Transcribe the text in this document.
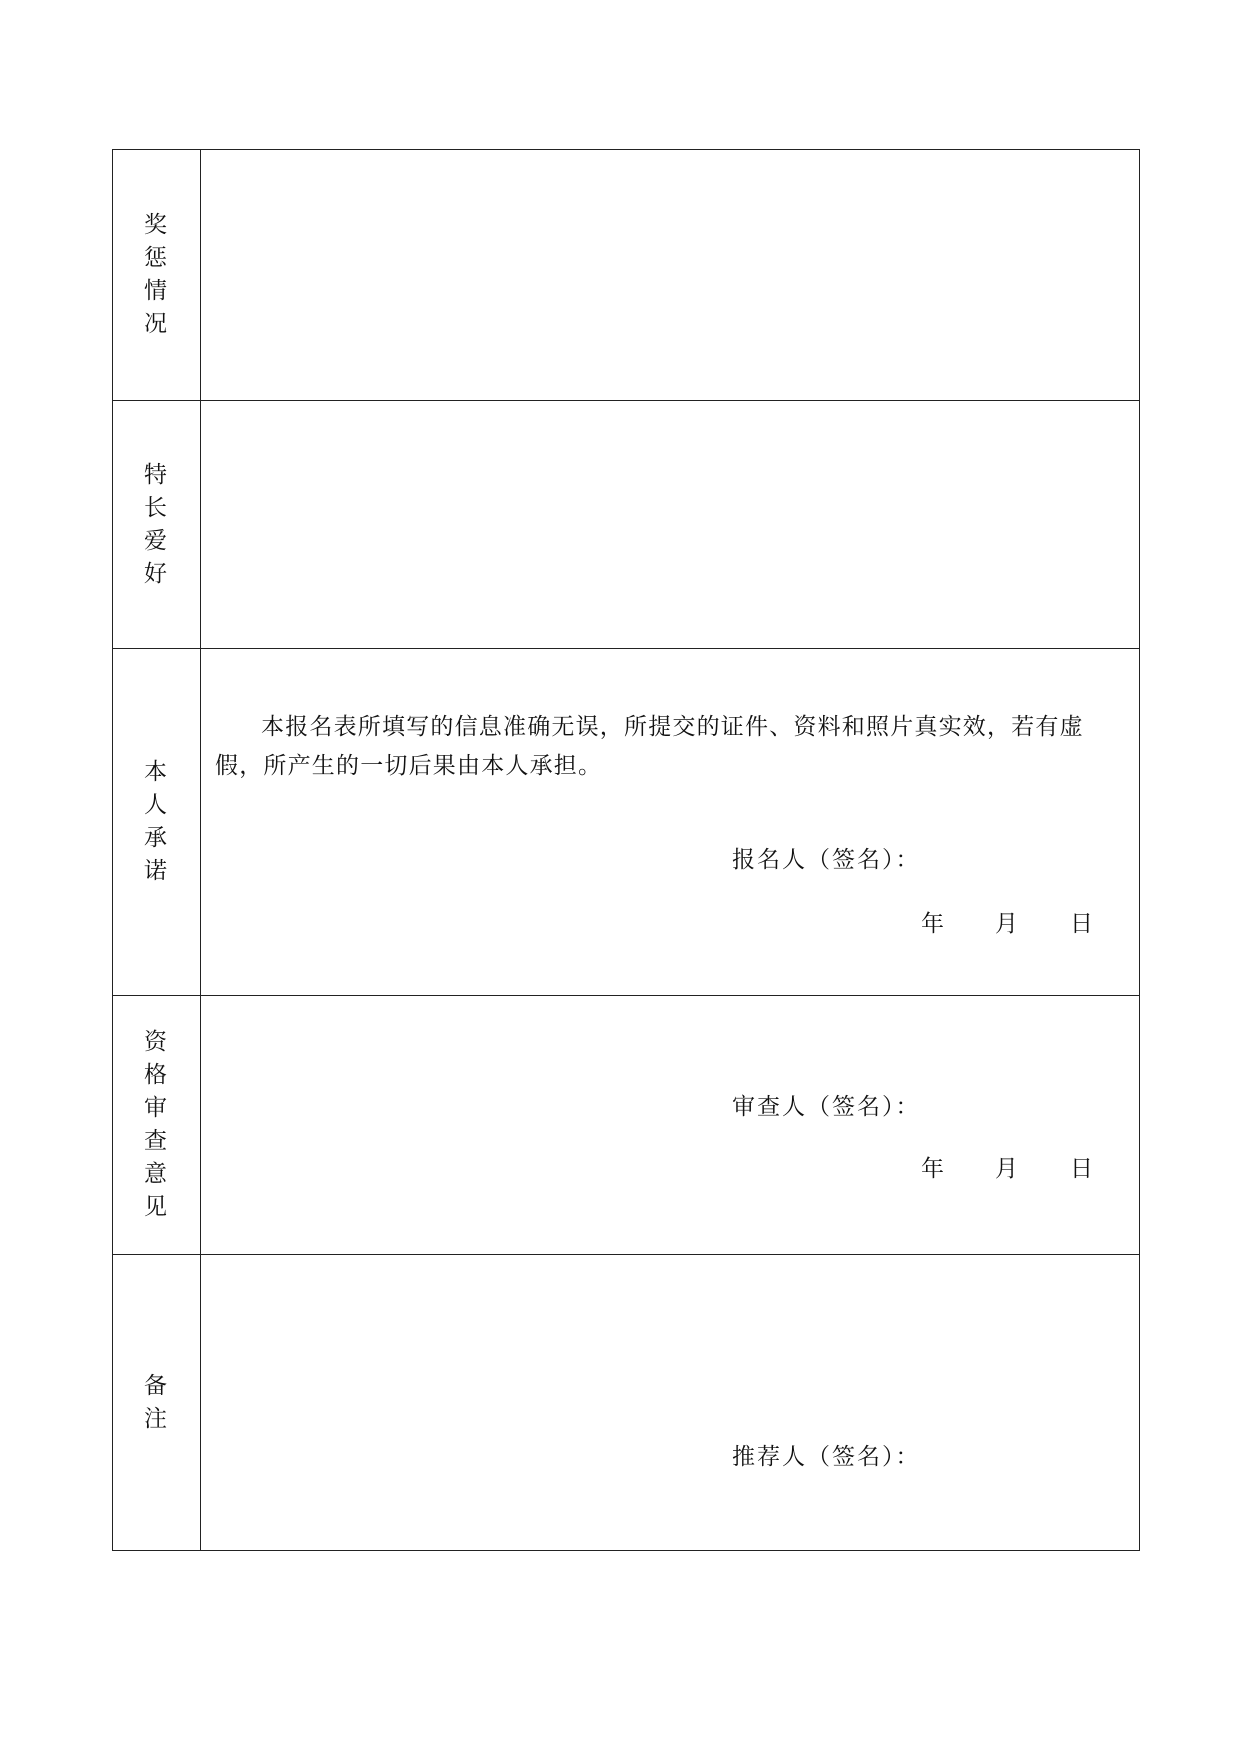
奖惩情况
特长爱好
本人承诺
本报名表所填写的信息准确无误，所提交的证件、资料和照片真实效，若有虚假，所产生的一切后果由本人承担。
报名人（签名）：
年 月 日
资格审查意见
审查人（签名）：
年 月 日
备注
推荐人（签名）：
